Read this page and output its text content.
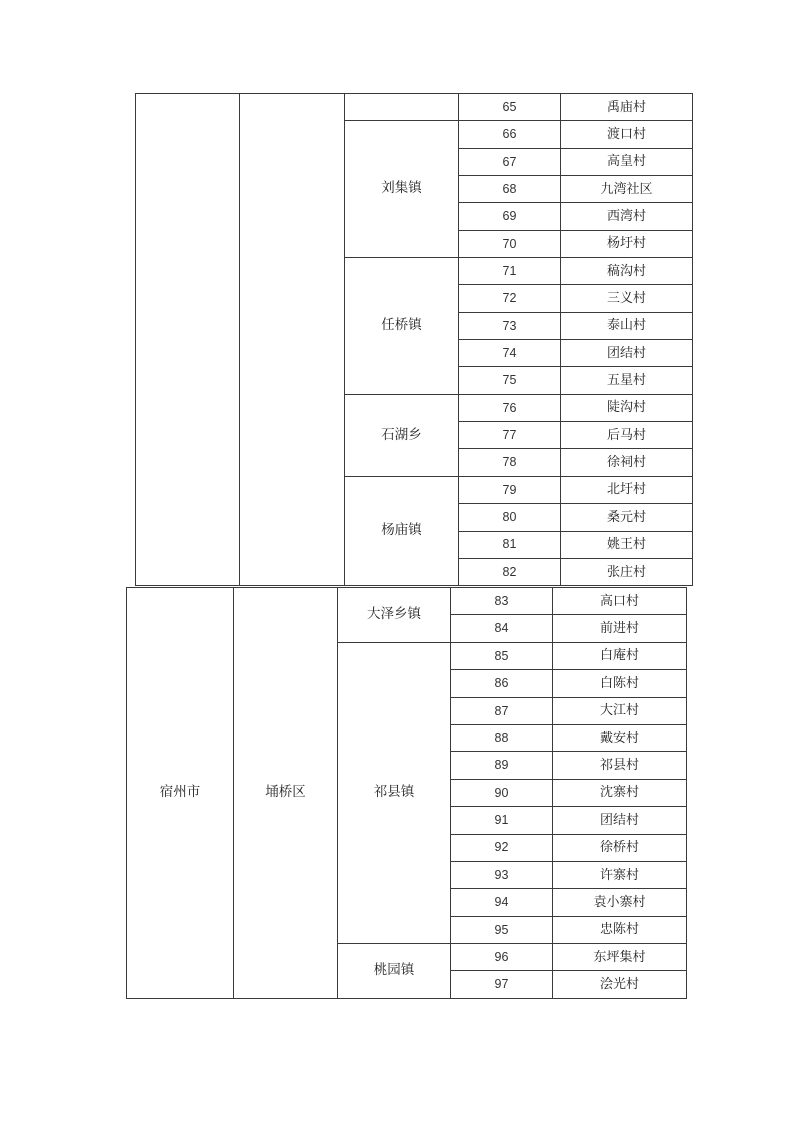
			65	禹庙村
		刘集镇	66	渡口村
			67	高皇村
			68	九湾社区
			69	西湾村
			70	杨圩村
		任桥镇	71	稿沟村
			72	三义村
			73	泰山村
			74	团结村
			75	五星村
		石湖乡	76	陡沟村
			77	后马村
			78	徐祠村
		杨庙镇	79	北圩村
			80	桑元村
			81	姚王村
			82	张庄村
宿州市	埇桥区	大泽乡镇	83	高口村
			84	前进村
		祁县镇	85	白庵村
			86	白陈村
			87	大江村
			88	戴安村
			89	祁县村
			90	沈寨村
			91	团结村
			92	徐桥村
			93	许寨村
			94	袁小寨村
			95	忠陈村
		桃园镇	96	东坪集村
			97	浍光村
